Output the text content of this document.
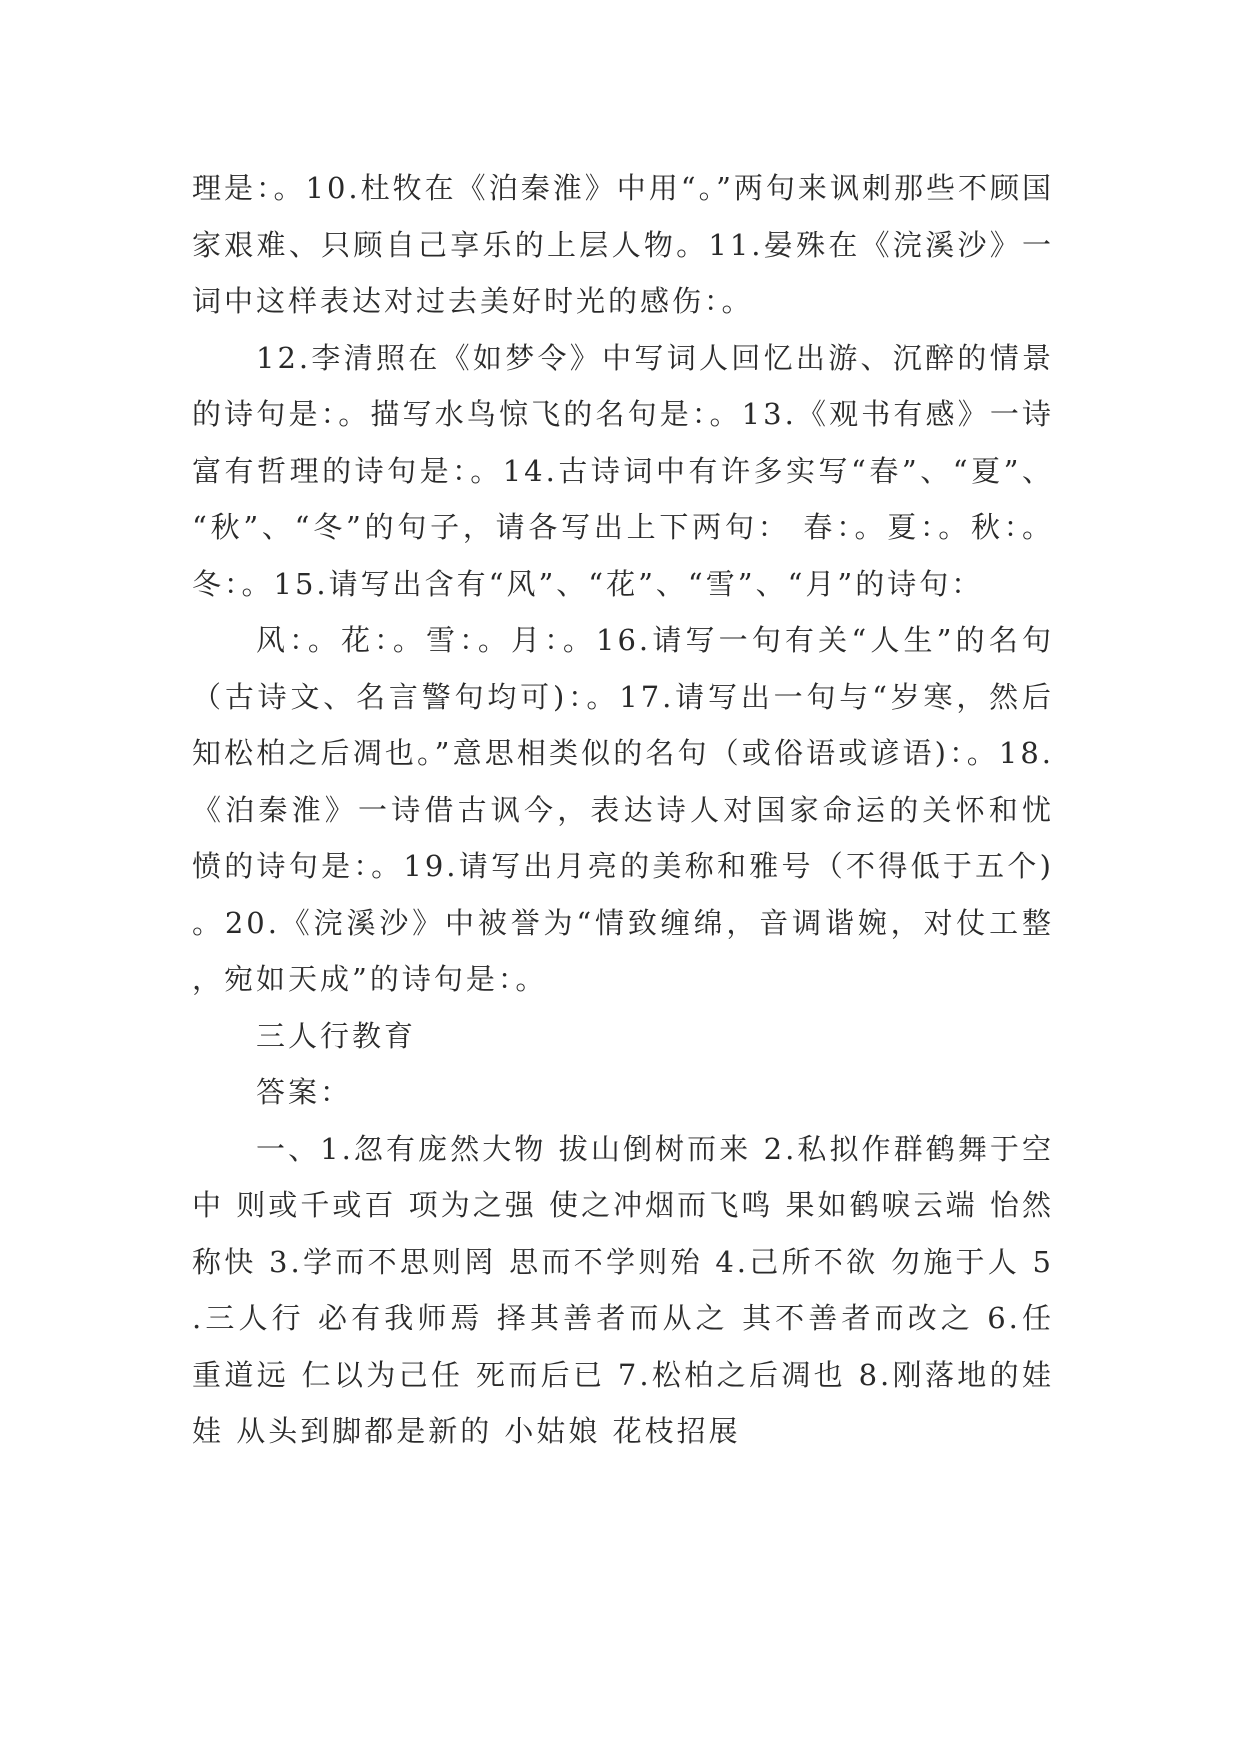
理是：。10.杜牧在《泊秦淮》中用“。”两句来讽刺那些不顾国家艰难、只顾自己享乐的上层人物。11.晏殊在《浣溪沙》一词中这样表达对过去美好时光的感伤：。

12.李清照在《如梦令》中写词人回忆出游、沉醉的情景的诗句是：。描写水鸟惊飞的名句是：。13.《观书有感》一诗富有哲理的诗句是：。14.古诗词中有许多实写“春”、“夏”、“秋”、“冬”的句子，请各写出上下两句： 春：。夏：。秋：。冬：。15.请写出含有“风”、“花”、“雪”、“月”的诗句：

风：。花：。雪：。月：。16.请写一句有关“人生”的名句（古诗文、名言警句均可)：。17.请写出一句与“岁寒，然后知松柏之后凋也。”意思相类似的名句（或俗语或谚语)：。18.《泊秦淮》一诗借古讽今，表达诗人对国家命运的关怀和忧愤的诗句是：。19.请写出月亮的美称和雅号（不得低于五个)。20.《浣溪沙》中被誉为“情致缠绵，音调谐婉，对仗工整，宛如天成”的诗句是：。

三人行教育

答案：

一、1.忽有庞然大物 拔山倒树而来 2.私拟作群鹤舞于空中 则或千或百 项为之强 使之冲烟而飞鸣 果如鹤唳云端 怡然称快 3.学而不思则罔 思而不学则殆 4.己所不欲 勿施于人 5.三人行 必有我师焉 择其善者而从之 其不善者而改之 6.任重道远 仁以为己任 死而后已 7.松柏之后凋也 8.刚落地的娃娃 从头到脚都是新的 小姑娘 花枝招展
